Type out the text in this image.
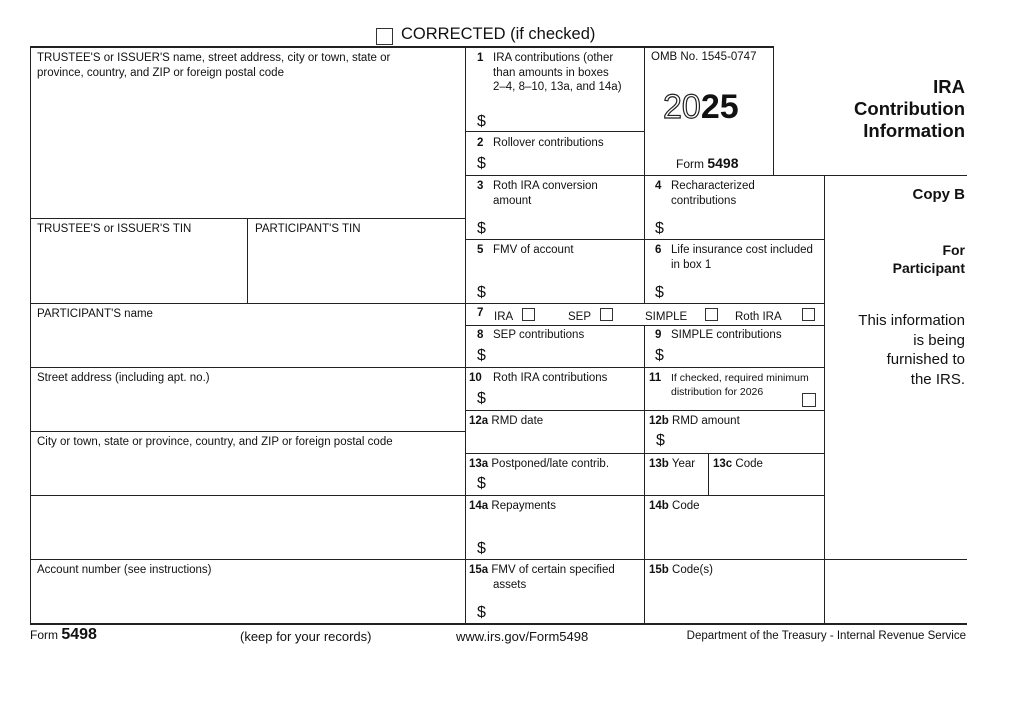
CORRECTED (if checked)
IRA
Contribution
Information
Copy B
For
Participant
This information
is being
furnished to
the IRS.
TRUSTEE'S or ISSUER'S name, street address, city or town, state or
province, country, and ZIP or foreign postal code
TRUSTEE'S or ISSUER'S TIN	PARTICIPANT'S TIN
PARTICIPANT'S name
Street address (including apt. no.)
City or town, state or province, country, and ZIP or foreign postal code
Account number (see instructions)
1 IRA contributions (other
than amounts in boxes
2–4, 8–10, 13a, and 14a)
$
2 Rollover contributions
$
OMB No. 1545-0747
2025
Form 5498
3 Roth IRA conversion
amount
$
4 Recharacterized
contributions
$
5 FMV of account
$
6 Life insurance cost included
in box 1
$
7 IRA	SEP	SIMPLE	Roth IRA
8 SEP contributions
$
9 SIMPLE contributions
$
10 Roth IRA contributions
$
11 If checked, required minimum
distribution for 2026
12a RMD date	12b RMD amount
$
13a Postponed/late contrib.
$
13b Year 13c Code
14a Repayments
$
14b Code
15a FMV of certain specified
assets
$
15b Code(s)
Form 5498	(keep for your records)	www.irs.gov/Form5498	Department of the Treasury - Internal Revenue Service
